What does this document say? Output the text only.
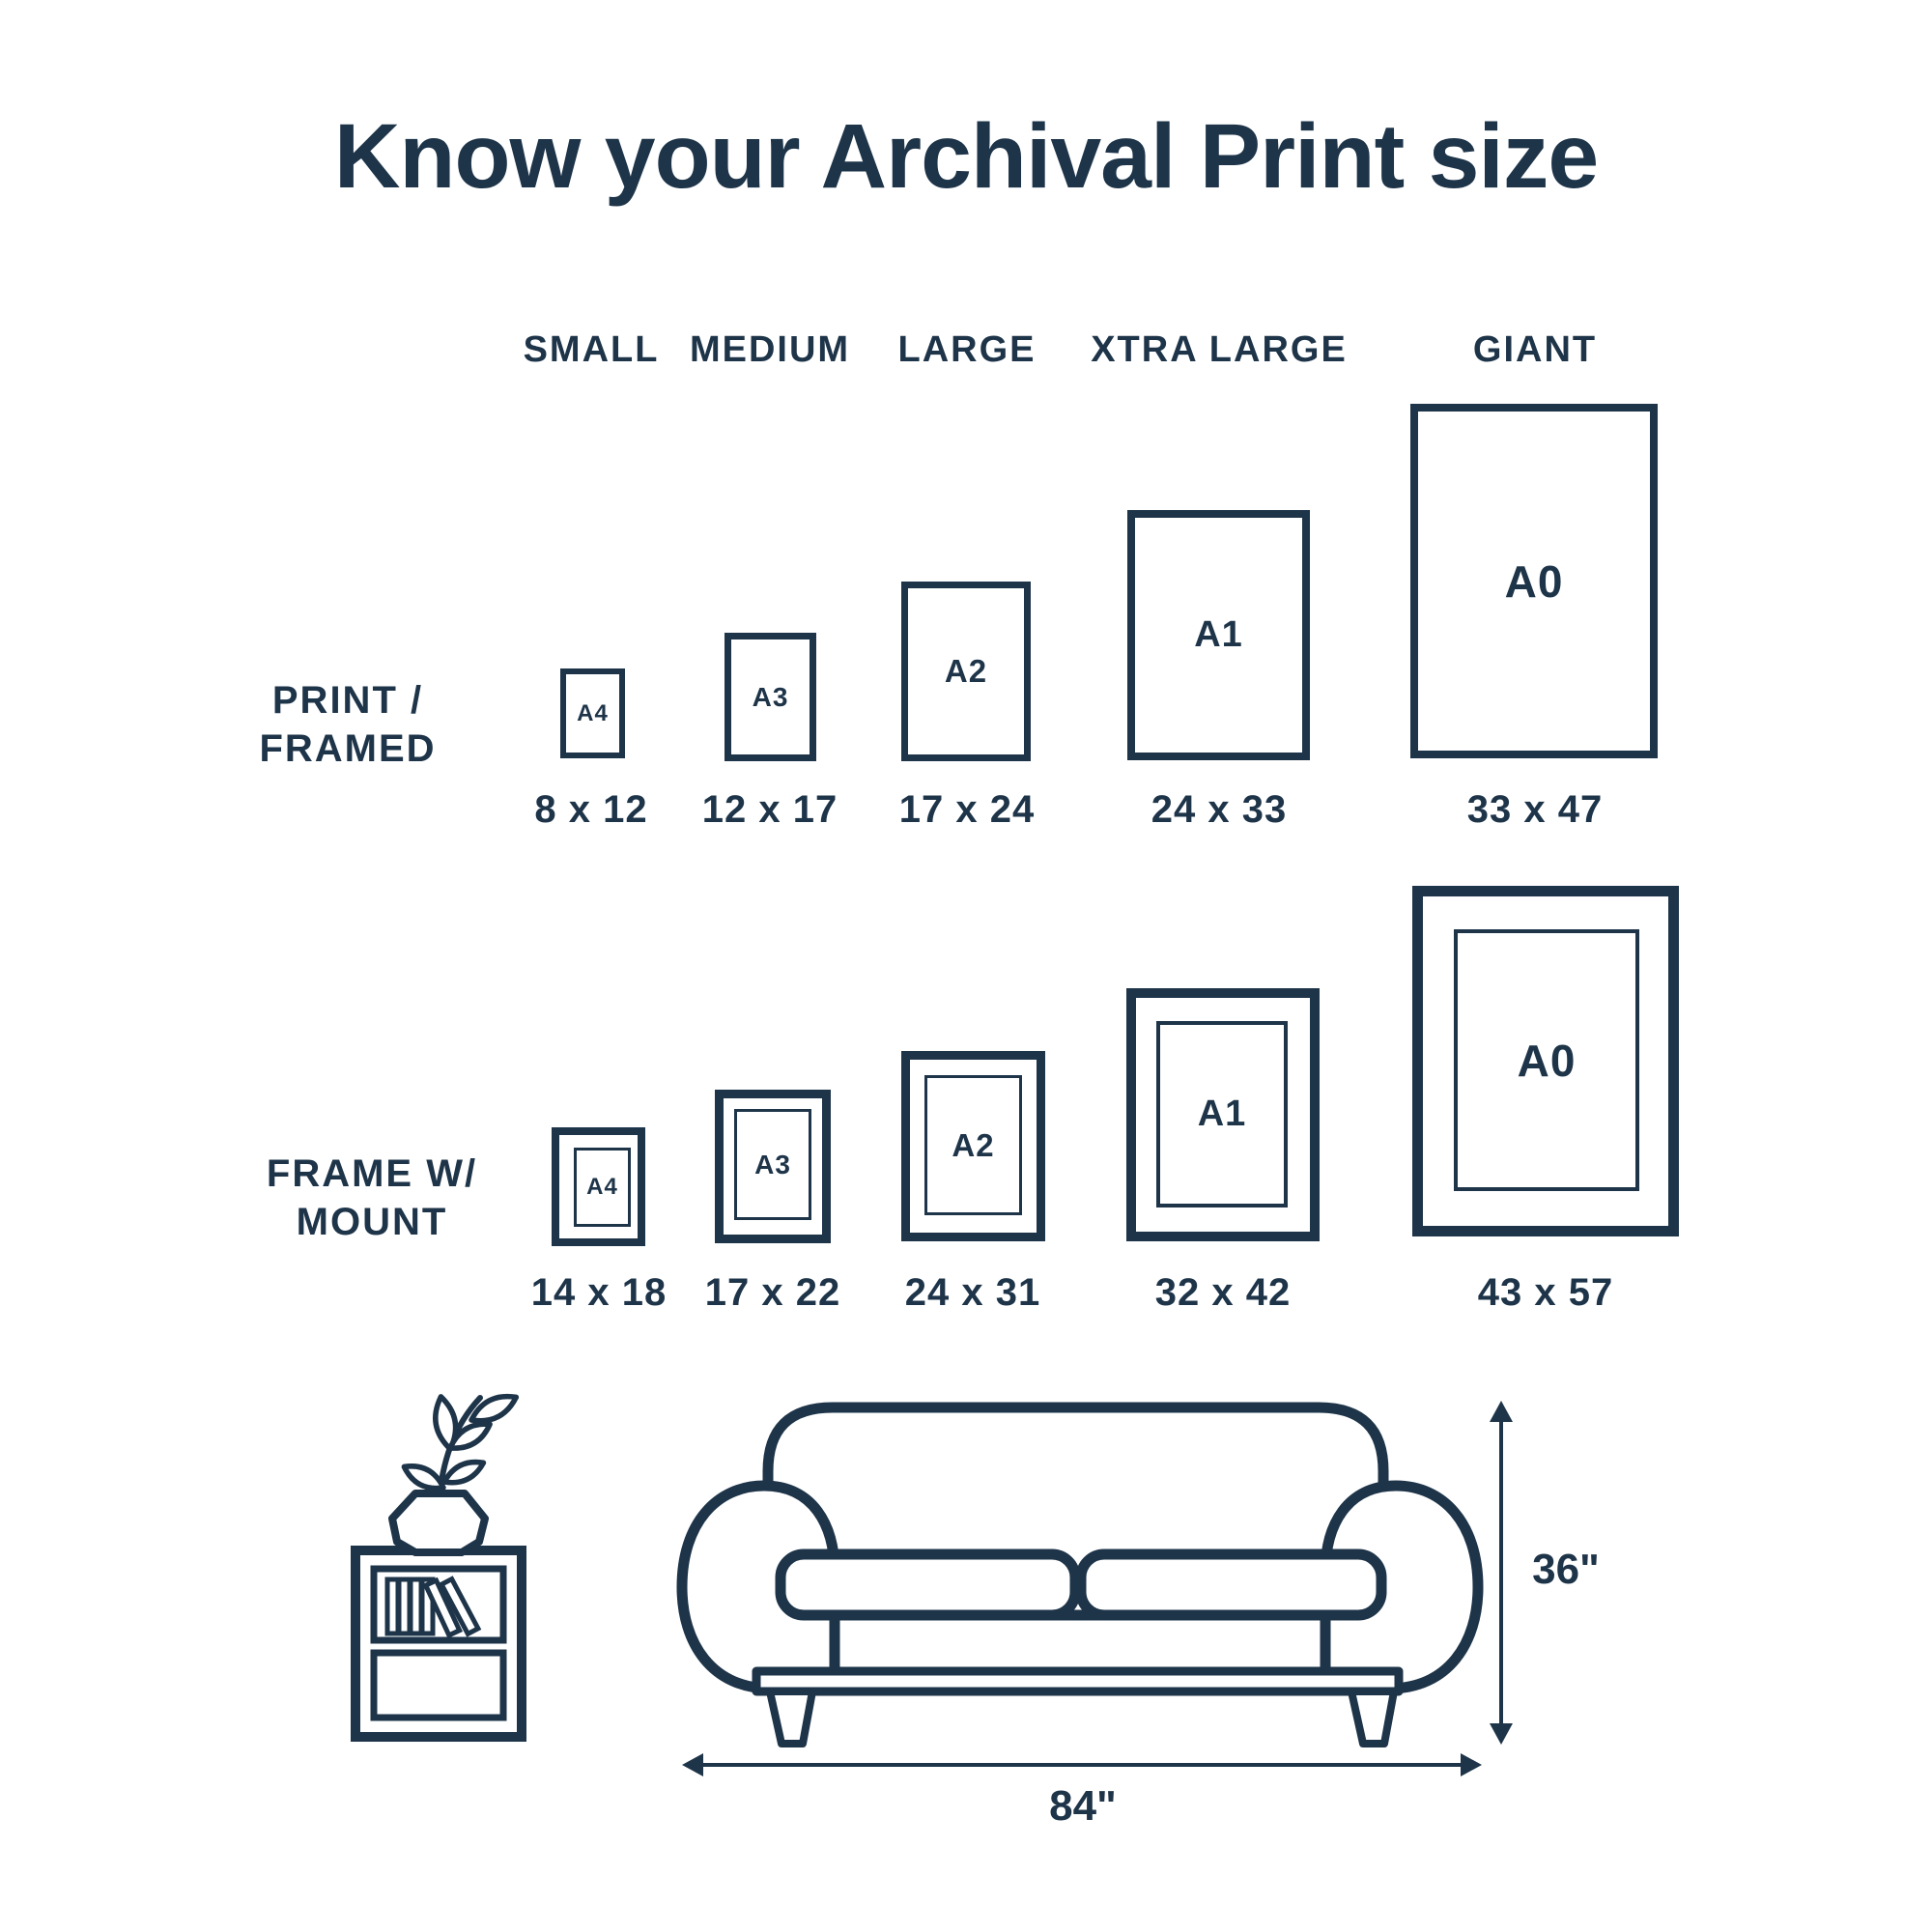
Know your Archival Print size
PRINT /
FRAMED
FRAME W/
MOUNT
36"
84"
SMALL
A4
8 x 12
A4
14 x 18
MEDIUM
A3
12 x 17
A3
17 x 22
LARGE
A2
17 x 24
A2
24 x 31
XTRA LARGE
A1
24 x 33
A1
32 x 42
GIANT
A0
33 x 47
A0
43 x 57
